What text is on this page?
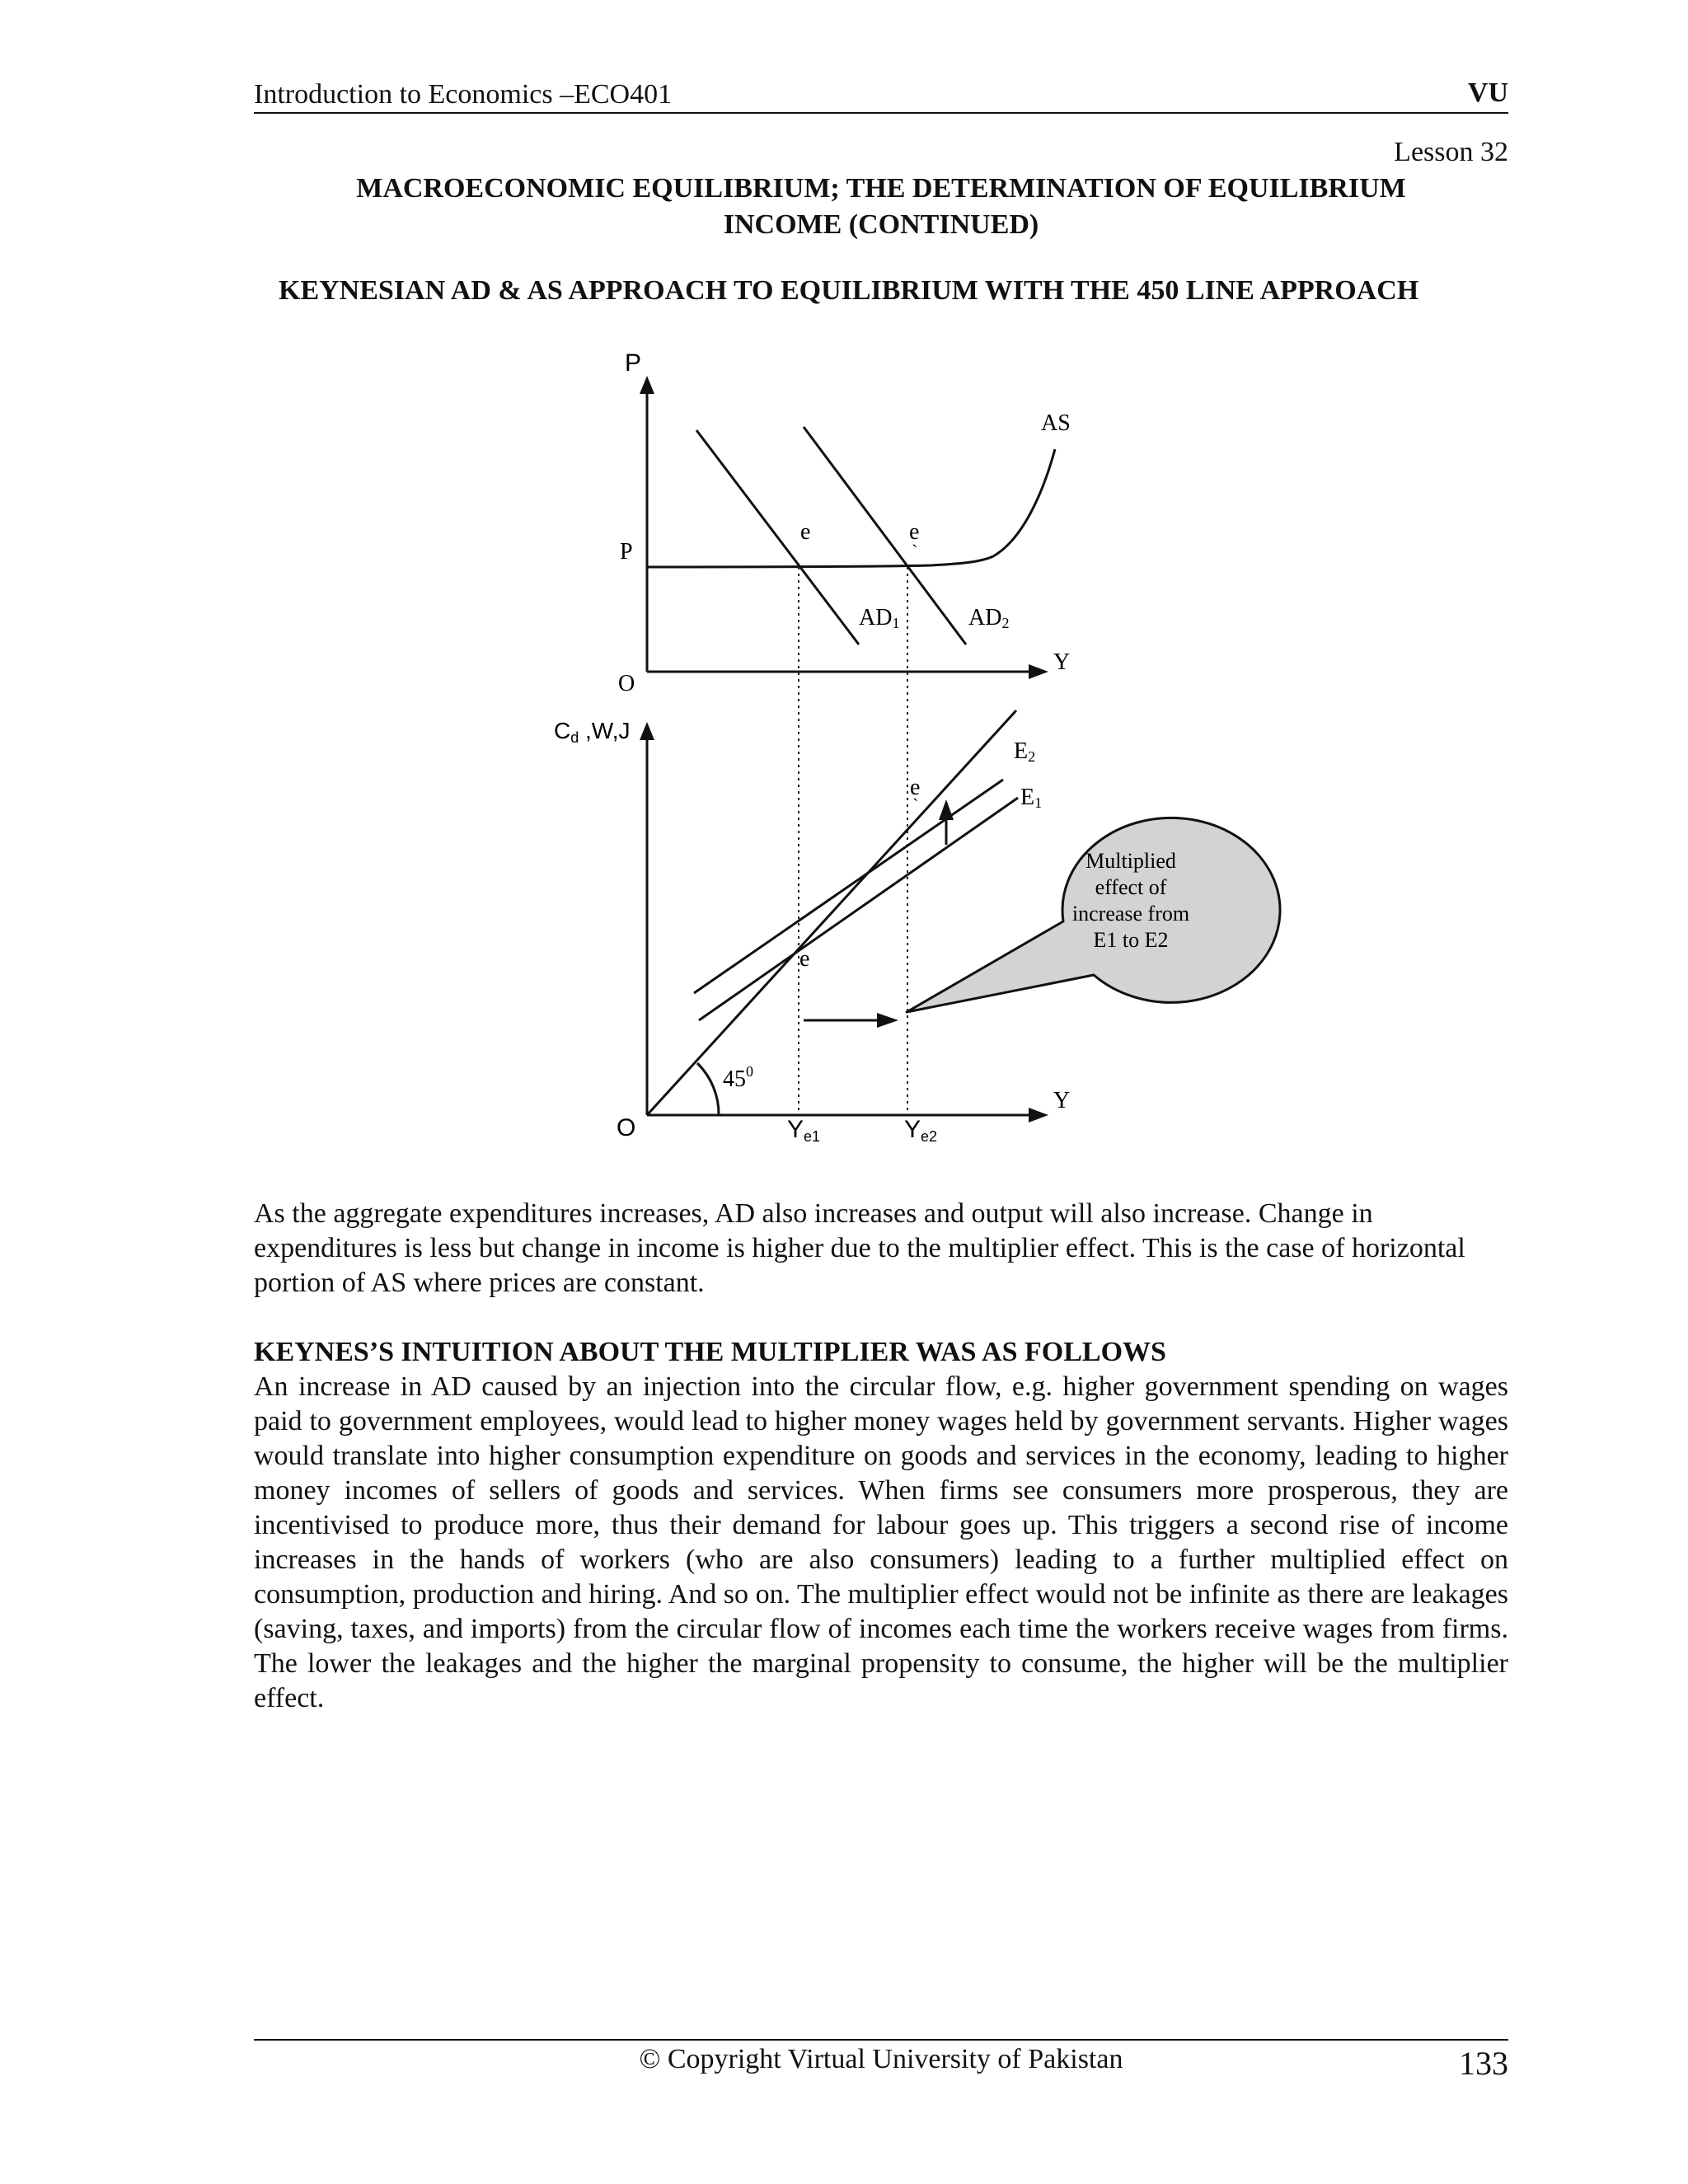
Introduction to Economics –ECO401	VU
Lesson 32
MACROECONOMIC EQUILIBRIUM; THE DETERMINATION OF EQUILIBRIUM
INCOME (CONTINUED)
KEYNESIAN AD & AS APPROACH TO EQUILIBRIUM WITH THE 450 LINE APPROACH
P
P
O
Y
AS
AD1	AD2
e	e
`
Cd ,W,J
O
Y
E2
E1
e
`
e
$45^0$
Ye1	Ye2
Multiplied
effect of
increase from
E1 to E2
As the aggregate expenditures increases, AD also increases and output will also increase. Change in expenditures is less but change in income is higher due to the multiplier effect. This is the case of horizontal portion of AS where prices are constant.
KEYNES’S INTUITION ABOUT THE MULTIPLIER WAS AS FOLLOWS
An increase in AD caused by an injection into the circular flow, e.g. higher government spending on wages paid to government employees, would lead to higher money wages held by government servants. Higher wages would translate into higher consumption expenditure on goods and services in the economy, leading to higher money incomes of sellers of goods and services. When firms see consumers more prosperous, they are incentivised to produce more, thus their demand for labour goes up. This triggers a second rise of income increases in the hands of workers (who are also consumers) leading to a further multiplied effect on consumption, production and hiring. And so on. The multiplier effect would not be infinite as there are leakages (saving, taxes, and imports) from the circular flow of incomes each time the workers receive wages from firms. The lower the leakages and the higher the marginal propensity to consume, the higher will be the multiplier effect.
© Copyright Virtual University of Pakistan	133
